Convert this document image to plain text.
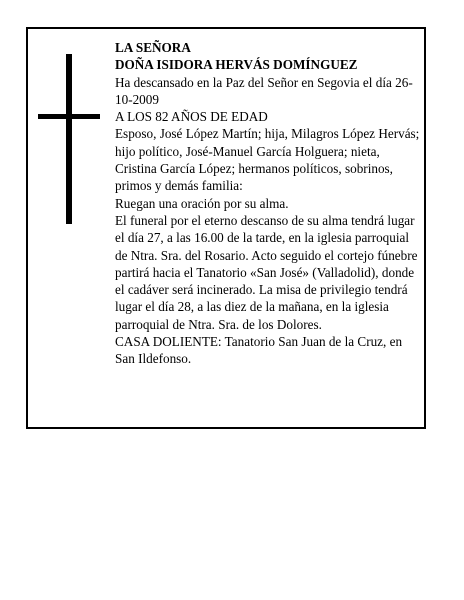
LA SEÑORA

DOÑA ISIDORA HERVÁS DOMÍNGUEZ

Ha descansado en la Paz del Señor en Segovia el día 26-10-2009

A LOS 82 AÑOS DE EDAD

Esposo, José López Martín; hija, Milagros López Hervás; hijo político, José-Manuel García Holguera; nieta, Cristina García López; hermanos políticos, sobrinos, primos y demás familia:

Ruegan una oración por su alma.

El funeral por el eterno descanso de su alma tendrá lugar el día 27, a las 16.00 de la tarde, en la iglesia parroquial de Ntra. Sra. del Rosario. Acto seguido el cortejo fúnebre partirá hacia el Tanatorio «San José» (Valladolid), donde el cadáver será incinerado. La misa de privilegio tendrá lugar el día 28, a las diez de la mañana, en la iglesia parroquial de Ntra. Sra. de los Dolores.

CASA DOLIENTE: Tanatorio San Juan de la Cruz, en San Ildefonso.
